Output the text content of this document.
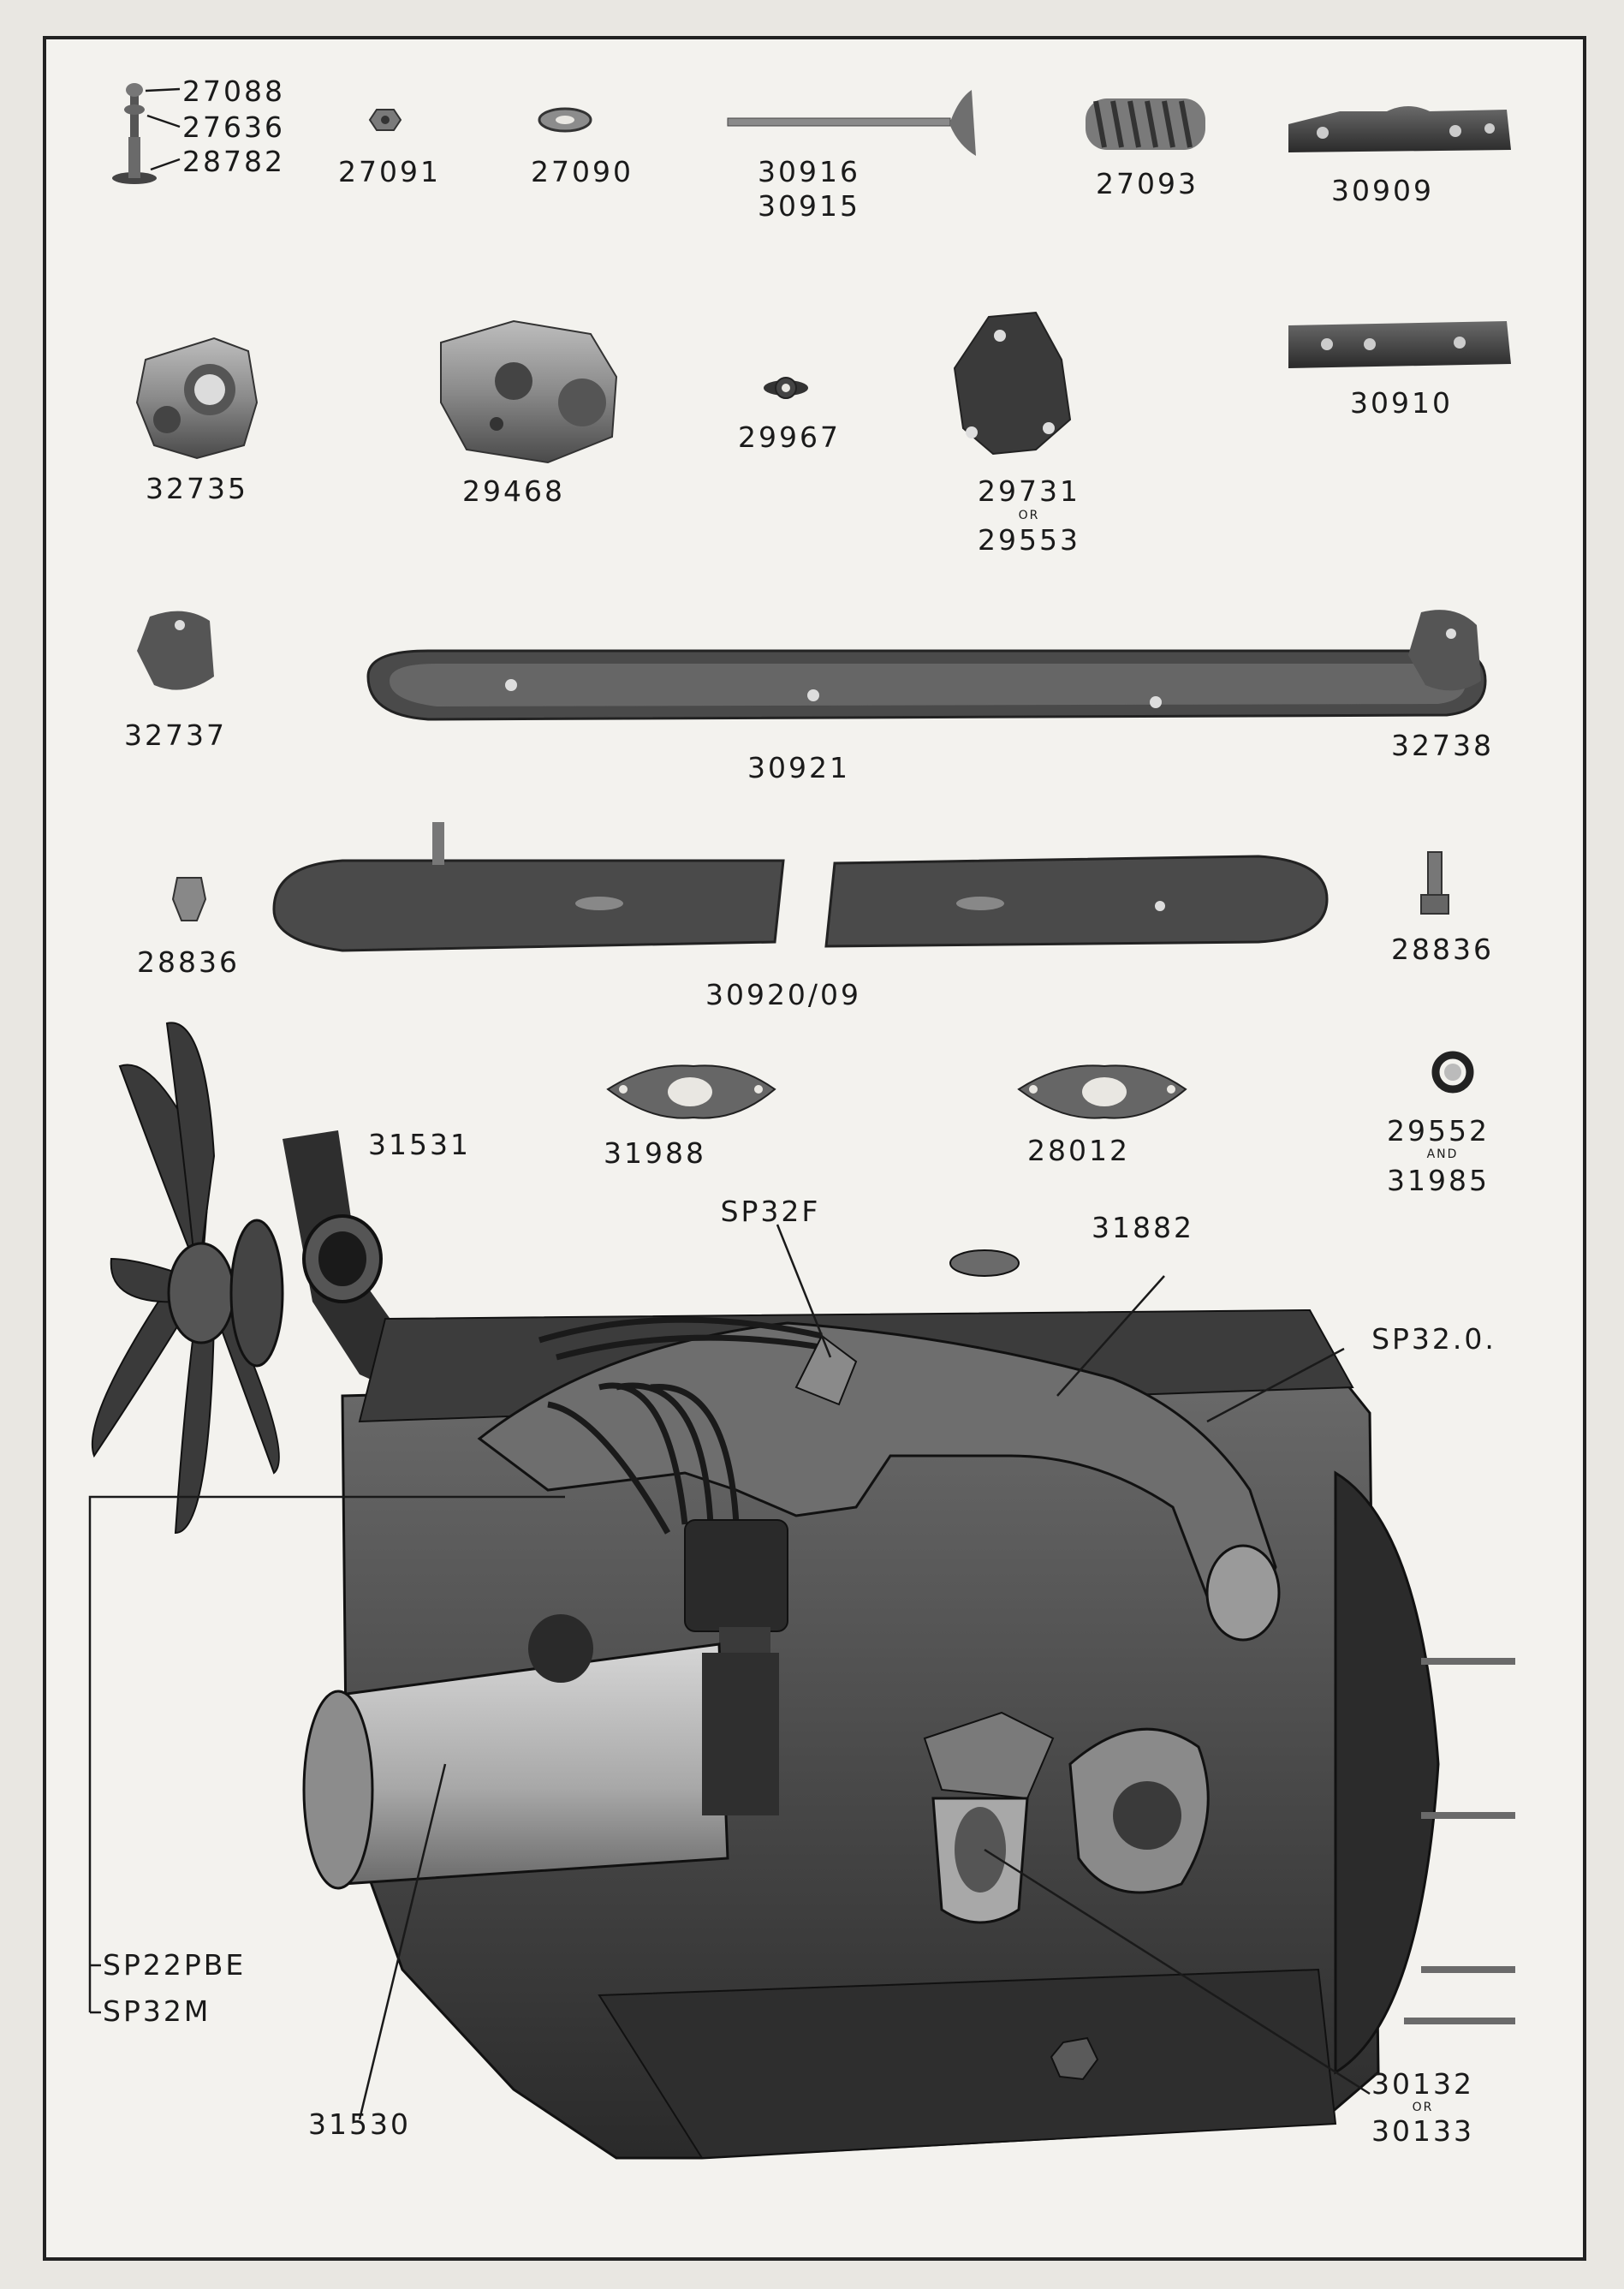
27088
27636
28782 27091	27090	30916
30915
27093	30909
32735	29468
29967
29731
OR
29553
30910
32737
30921
32738
28836
30920/09
28836
31531	31988	28012
29552
AND
31985
SP32F	31882
SP32.0.
SP22PBE
SP32M
31530
30132
OR
30133
